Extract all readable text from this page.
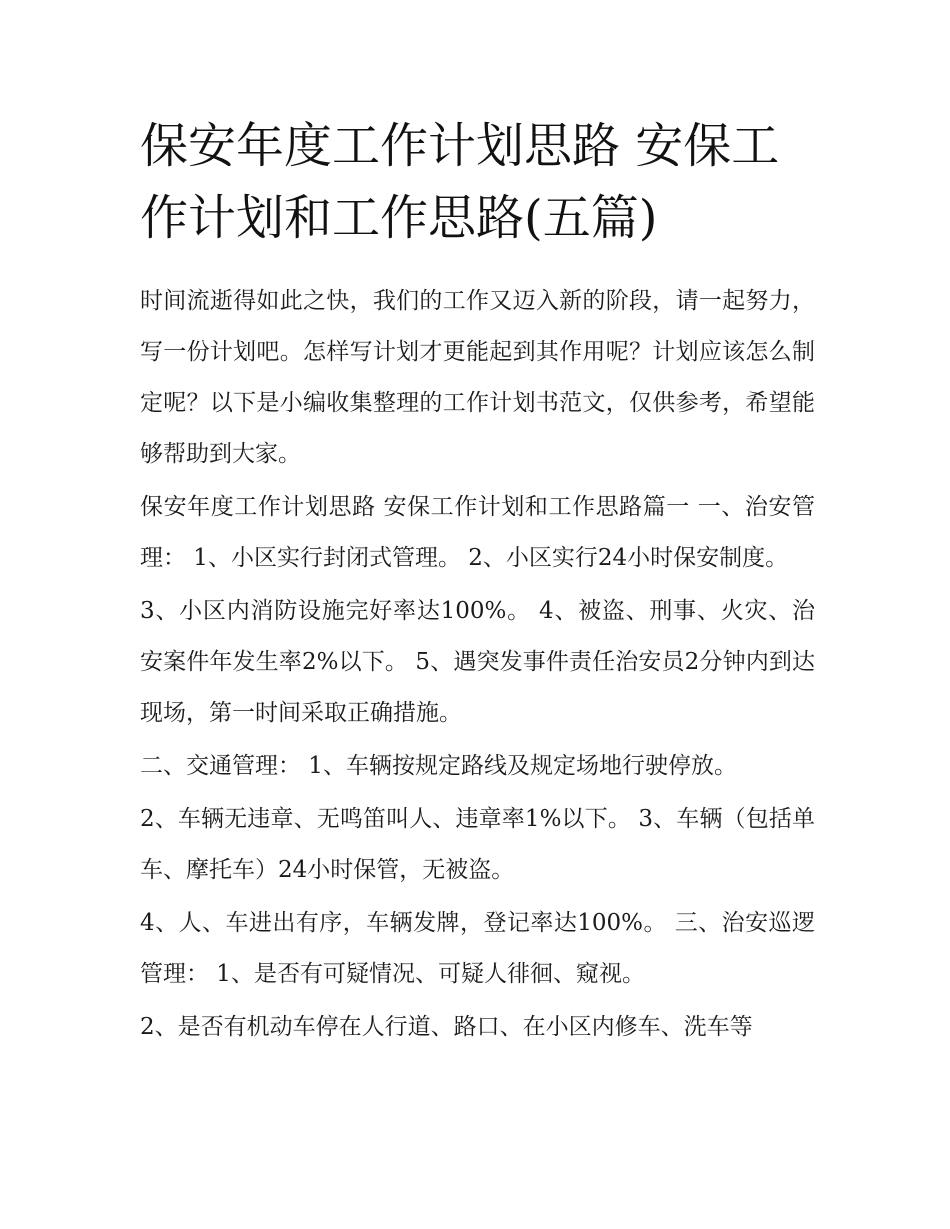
保安年度工作计划思路 安保工作计划和工作思路(五篇)

时间流逝得如此之快，我们的工作又迈入新的阶段，请一起努力，写一份计划吧。怎样写计划才更能起到其作用呢？计划应该怎么制定呢？以下是小编收集整理的工作计划书范文，仅供参考，希望能够帮助到大家。

保安年度工作计划思路 安保工作计划和工作思路篇一 一、治安管理： 1、小区实行封闭式管理。 2、小区实行24小时保安制度。

3、小区内消防设施完好率达100%。 4、被盗、刑事、火灾、治安案件年发生率2%以下。 5、遇突发事件责任治安员2分钟内到达现场，第一时间采取正确措施。

二、交通管理： 1、车辆按规定路线及规定场地行驶停放。

2、车辆无违章、无鸣笛叫人、违章率1%以下。 3、车辆（包括单车、摩托车）24小时保管，无被盗。

4、人、车进出有序，车辆发牌，登记率达100%。 三、治安巡逻管理： 1、是否有可疑情况、可疑人徘徊、窥视。

2、是否有机动车停在人行道、路口、在小区内修车、洗车等
